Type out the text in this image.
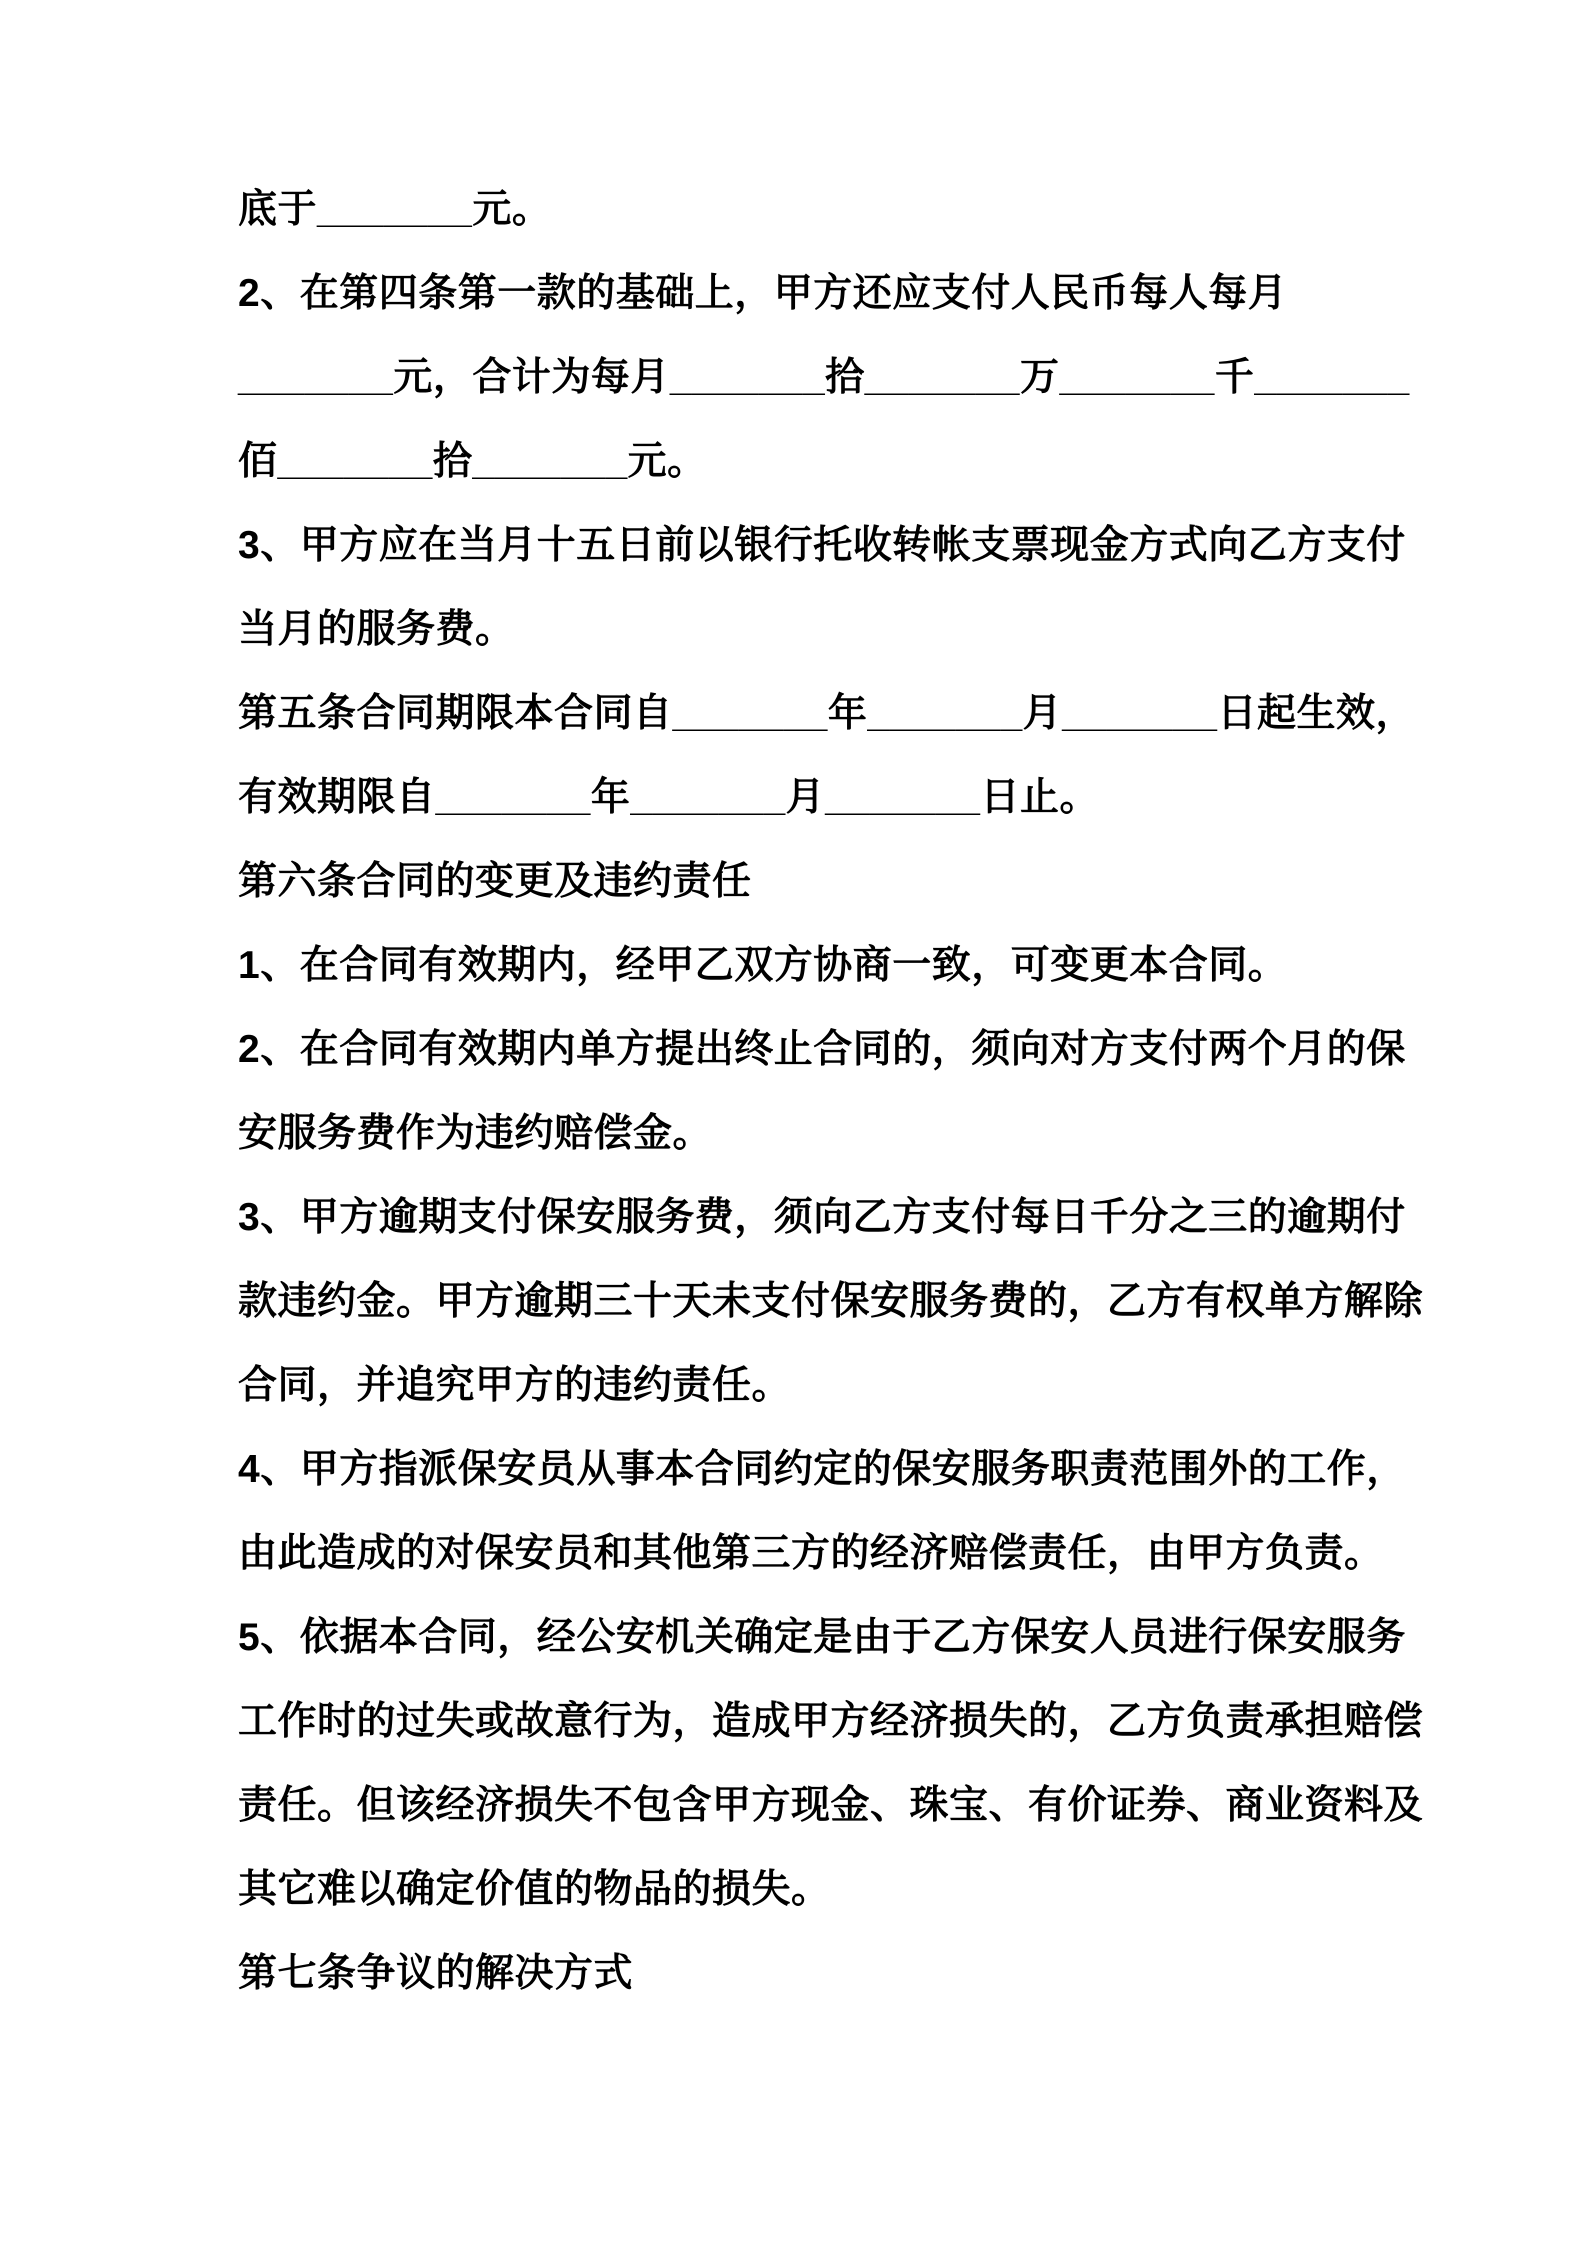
底于_______元。
2、在第四条第一款的基础上，甲方还应支付人民币每人每月
_______元，合计为每月_______拾_______万_______千_______
佰_______拾_______元。
3、甲方应在当月十五日前以银行托收转帐支票现金方式向乙方支付
当月的服务费。
第五条合同期限本合同自_______年_______月_______日起生效，
有效期限自_______年_______月_______日止。
第六条合同的变更及违约责任
1、在合同有效期内，经甲乙双方协商一致，可变更本合同。
2、在合同有效期内单方提出终止合同的，须向对方支付两个月的保
安服务费作为违约赔偿金。
3、甲方逾期支付保安服务费，须向乙方支付每日千分之三的逾期付
款违约金。甲方逾期三十天未支付保安服务费的，乙方有权单方解除
合同，并追究甲方的违约责任。
4、甲方指派保安员从事本合同约定的保安服务职责范围外的工作，
由此造成的对保安员和其他第三方的经济赔偿责任，由甲方负责。
5、依据本合同，经公安机关确定是由于乙方保安人员进行保安服务
工作时的过失或故意行为，造成甲方经济损失的，乙方负责承担赔偿
责任。但该经济损失不包含甲方现金、珠宝、有价证券、商业资料及
其它难以确定价值的物品的损失。
第七条争议的解决方式
